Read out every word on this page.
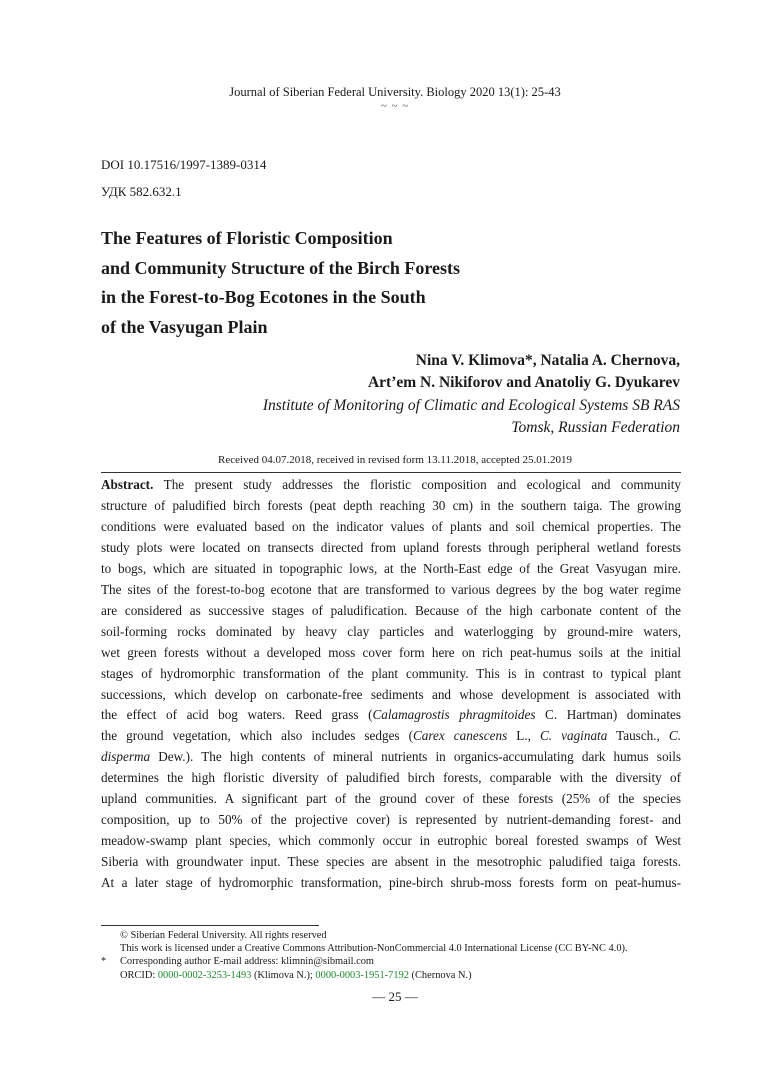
Journal of Siberian Federal University. Biology 2020 13(1): 25-43
~ ~ ~
DOI 10.17516/1997-1389-0314
УДК 582.632.1
The Features of Floristic Composition
and Community Structure of the Birch Forests
in the Forest-to-Bog Ecotones in the South
of the Vasyugan Plain
Nina V. Klimova*, Natalia A. Chernova,
Art’em N. Nikiforov and Anatoliy G. Dyukarev
Institute of Monitoring of Climatic and Ecological Systems SB RAS
Tomsk, Russian Federation
Received 04.07.2018, received in revised form 13.11.2018, accepted 25.01.2019
Abstract. The present study addresses the floristic composition and ecological and community
structure of paludified birch forests (peat depth reaching 30 cm) in the southern taiga. The growing
conditions were evaluated based on the indicator values of plants and soil chemical properties. The
study plots were located on transects directed from upland forests through peripheral wetland forests
to bogs, which are situated in topographic lows, at the North-East edge of the Great Vasyugan mire.
The sites of the forest-to-bog ecotone that are transformed to various degrees by the bog water regime
are considered as successive stages of paludification. Because of the high carbonate content of the
soil-forming rocks dominated by heavy clay particles and waterlogging by ground-mire waters,
wet green forests without a developed moss cover form here on rich peat-humus soils at the initial
stages of hydromorphic transformation of the plant community. This is in contrast to typical plant
successions, which develop on carbonate-free sediments and whose development is associated with
the effect of acid bog waters. Reed grass (Calamagrostis phragmitoides C. Hartman) dominates
the ground vegetation, which also includes sedges (Carex canescens L., C. vaginata Tausch., C.
disperma Dew.). The high contents of mineral nutrients in organics-accumulating dark humus soils
determines the high floristic diversity of paludified birch forests, comparable with the diversity of
upland communities. A significant part of the ground cover of these forests (25% of the species
composition, up to 50% of the projective cover) is represented by nutrient-demanding forest- and
meadow-swamp plant species, which commonly occur in eutrophic boreal forested swamps of West
Siberia with groundwater input. These species are absent in the mesotrophic paludified taiga forests.
At a later stage of hydromorphic transformation, pine-birch shrub-moss forests form on peat-humus-
© Siberian Federal University. All rights reserved
This work is licensed under a Creative Commons Attribution-NonCommercial 4.0 International License (CC BY-NC 4.0).
* Corresponding author E-mail address: klimnin@sibmail.com
ORCID: 0000-0002-3253-1493 (Klimova N.); 0000-0003-1951-7192 (Chernova N.)
— 25 —
